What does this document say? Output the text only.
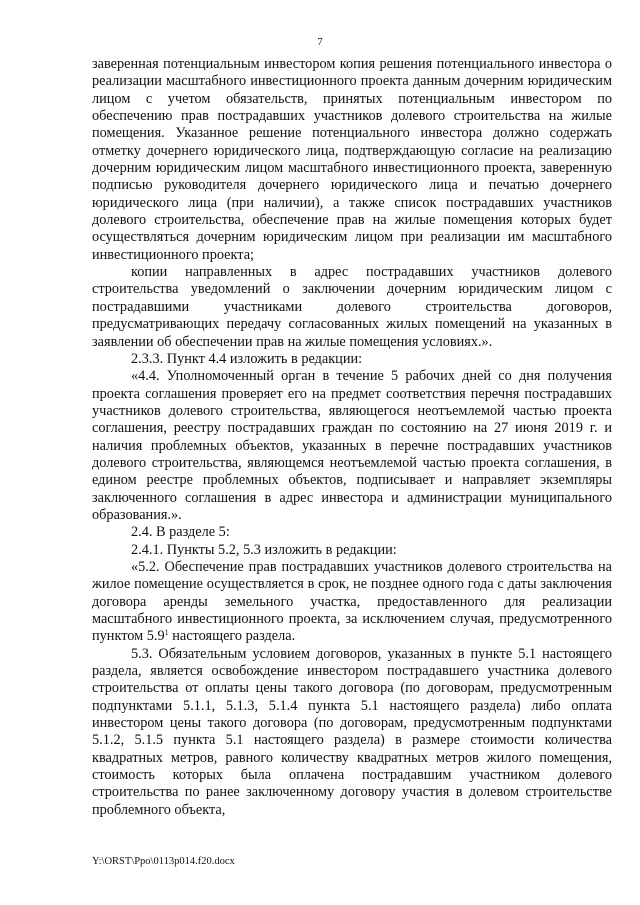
7

заверенная потенциальным инвестором копия решения потенциального инвестора о реализации масштабного инвестиционного проекта данным дочерним юридическим лицом с учетом обязательств, принятых потенциальным инвестором по обеспечению прав пострадавших участников долевого строительства на жилые помещения. Указанное решение потенциального инвестора должно содержать отметку дочернего юридического лица, подтверждающую согласие на реализацию дочерним юридическим лицом масштабного инвестиционного проекта, заверенную подписью руководителя дочернего юридического лица и печатью дочернего юридического лица (при наличии), а также список пострадавших участников долевого строительства, обеспечение прав на жилые помещения которых будет осуществляться дочерним юридическим лицом при реализации им масштабного инвестиционного проекта;

копии направленных в адрес пострадавших участников долевого строительства уведомлений о заключении дочерним юридическим лицом с пострадавшими участниками долевого строительства договоров, предусматривающих передачу согласованных жилых помещений на указанных в заявлении об обеспечении прав на жилые помещения условиях.».

2.3.3. Пункт 4.4 изложить в редакции:

«4.4. Уполномоченный орган в течение 5 рабочих дней со дня получения проекта соглашения проверяет его на предмет соответствия перечня пострадавших участников долевого строительства, являющегося неотъемлемой частью проекта соглашения, реестру пострадавших граждан по состоянию на 27 июня 2019 г. и наличия проблемных объектов, указанных в перечне пострадавших участников долевого строительства, являющемся неотъемлемой частью проекта соглашения, в едином реестре проблемных объектов, подписывает и направляет экземпляры заключенного соглашения в адрес инвестора и администрации муниципального образования.».

2.4. В разделе 5:

2.4.1. Пункты 5.2, 5.3 изложить в редакции:

«5.2. Обеспечение прав пострадавших участников долевого строительства на жилое помещение осуществляется в срок, не позднее одного года с даты заключения договора аренды земельного участка, предоставленного для реализации масштабного инвестиционного проекта, за исключением случая, предусмотренного пунктом $5.9^1$ настоящего раздела.

5.3. Обязательным условием договоров, указанных в пункте 5.1 настоящего раздела, является освобождение инвестором пострадавшего участника долевого строительства от оплаты цены такого договора (по договорам, предусмотренным подпунктами 5.1.1, 5.1.3, 5.1.4 пункта 5.1 настоящего раздела) либо оплата инвестором цены такого договора (по договорам, предусмотренным подпунктами 5.1.2, 5.1.5 пункта 5.1 настоящего раздела) в размере стоимости количества квадратных метров, равного количеству квадратных метров жилого помещения, стоимость которых была оплачена пострадавшим участником долевого строительства по ранее заключенному договору участия в долевом строительстве проблемного объекта,

Y:\ORST\Ppo\0113p014.f20.docx
